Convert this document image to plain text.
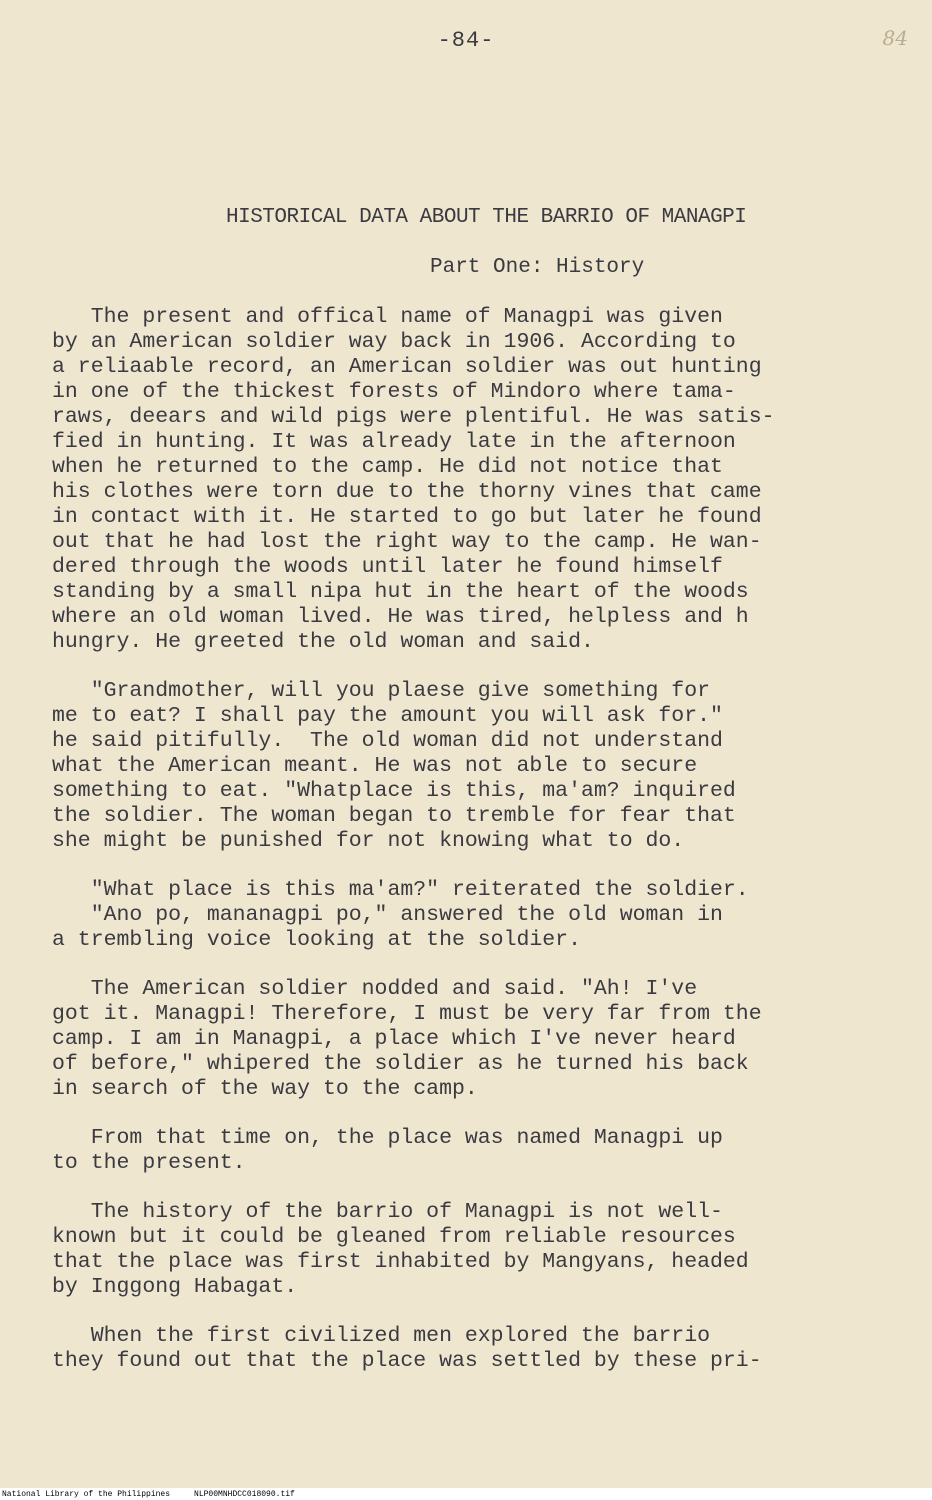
-84-	84
HISTORICAL DATA ABOUT THE BARRIO OF MANAGPI
Part One: History

The present and offical name of Managpi was given
by an American soldier way back in 1906. According to
a reliaable record, an American soldier was out hunting
in one of the thickest forests of Mindoro where tama-
raws, deears and wild pigs were plentiful. He was satis-
fied in hunting. It was already late in the afternoon
when he returned to the camp. He did not notice that
his clothes were torn due to the thorny vines that came
in contact with it. He started to go but later he found
out that he had lost the right way to the camp. He wan-
dered through the woods until later he found himself
standing by a small nipa hut in the heart of the woods
where an old woman lived. He was tired, helpless and h
hungry. He greeted the old woman and said.

"Grandmother, will you plaese give something for
me to eat? I shall pay the amount you will ask for."
he said pitifully.  The old woman did not understand
what the American meant. He was not able to secure
something to eat. "Whatplace is this, ma'am? inquired
the soldier. The woman began to tremble for fear that
she might be punished for not knowing what to do.

"What place is this ma'am?" reiterated the soldier.
"Ano po, mananagpi po," answered the old woman in
a trembling voice looking at the soldier.

The American soldier nodded and said. "Ah! I've
got it. Managpi! Therefore, I must be very far from the
camp. I am in Managpi, a place which I've never heard
of before," whipered the soldier as he turned his back
in search of the way to the camp.

From that time on, the place was named Managpi up
to the present.

The history of the barrio of Managpi is not well-
known but it could be gleaned from reliable resources
that the place was first inhabited by Mangyans, headed
by Inggong Habagat.

When the first civilized men explored the barrio
they found out that the place was settled by these pri-

National Library of the Philippines     NLP00MNHDCC018090.tif
